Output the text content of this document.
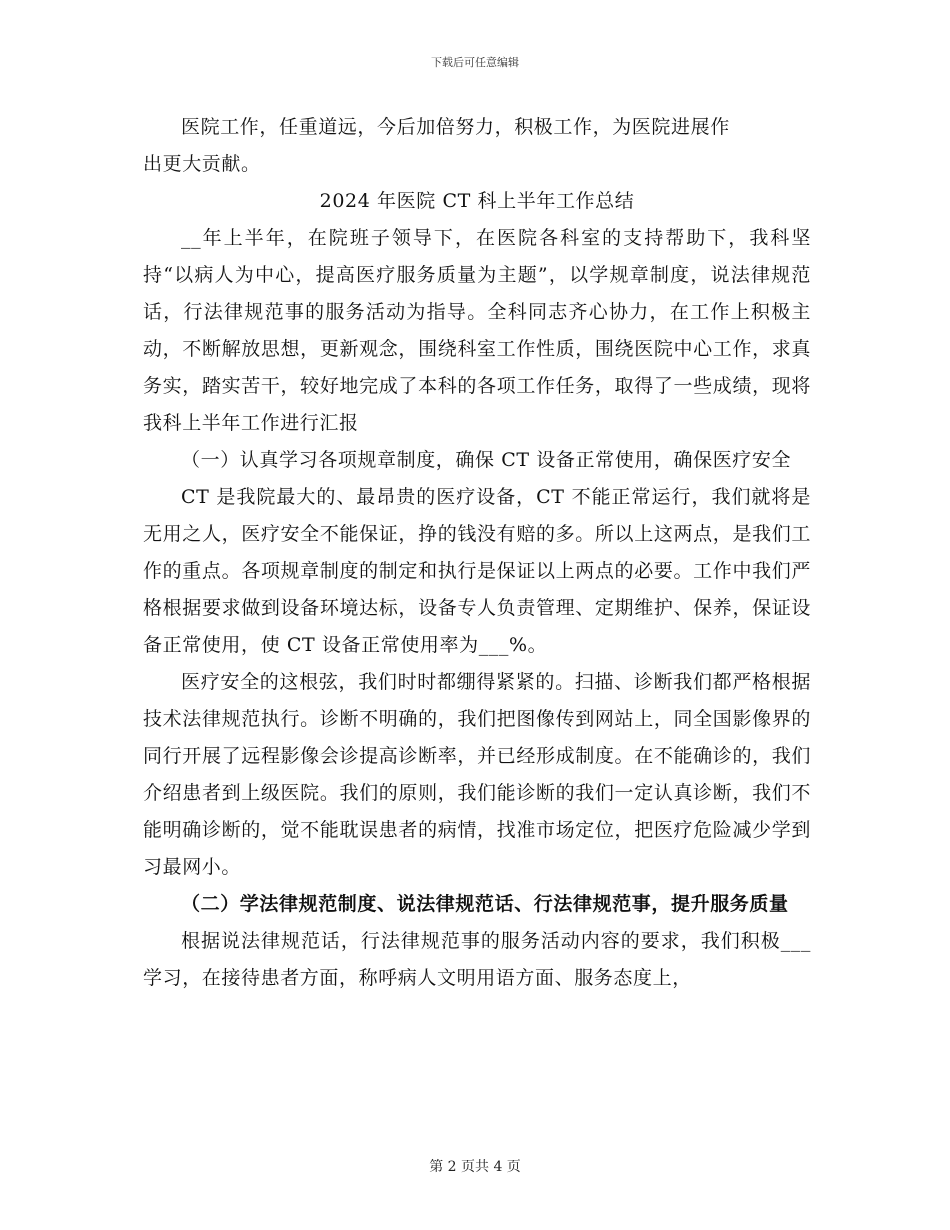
下载后可任意编辑

医院工作，任重道远，今后加倍努力，积极工作，为医院进展作
出更大贡献。

2024 年医院 CT 科上半年工作总结

__年上半年，在院班子领导下，在医院各科室的支持帮助下，我科坚持“以病人为中心，提高医疗服务质量为主题”，以学规章制度，说法律规范话，行法律规范事的服务活动为指导。全科同志齐心协力，在工作上积极主动，不断解放思想，更新观念，围绕科室工作性质，围绕医院中心工作，求真务实，踏实苦干，较好地完成了本科的各项工作任务，取得了一些成绩，现将我科上半年工作进行汇报

（一）认真学习各项规章制度，确保 CT 设备正常使用，确保医疗安全

CT 是我院最大的、最昂贵的医疗设备，CT 不能正常运行，我们就将是无用之人，医疗安全不能保证，挣的钱没有赔的多。所以上这两点，是我们工作的重点。各项规章制度的制定和执行是保证以上两点的必要。工作中我们严格根据要求做到设备环境达标，设备专人负责管理、定期维护、保养，保证设备正常使用，使 CT 设备正常使用率为___%。

医疗安全的这根弦，我们时时都绷得紧紧的。扫描、诊断我们都严格根据技术法律规范执行。诊断不明确的，我们把图像传到网站上，同全国影像界的同行开展了远程影像会诊提高诊断率，并已经形成制度。在不能确诊的，我们介绍患者到上级医院。我们的原则，我们能诊断的我们一定认真诊断，我们不能明确诊断的，觉不能耽误患者的病情，找准市场定位，把医疗危险减少学到习最网小。

（二）学法律规范制度、说法律规范话、行法律规范事，提升服务质量

根据说法律规范话，行法律规范事的服务活动内容的要求，我们积极___学习，在接待患者方面，称呼病人文明用语方面、服务态度上，

第 2 页共 4 页
